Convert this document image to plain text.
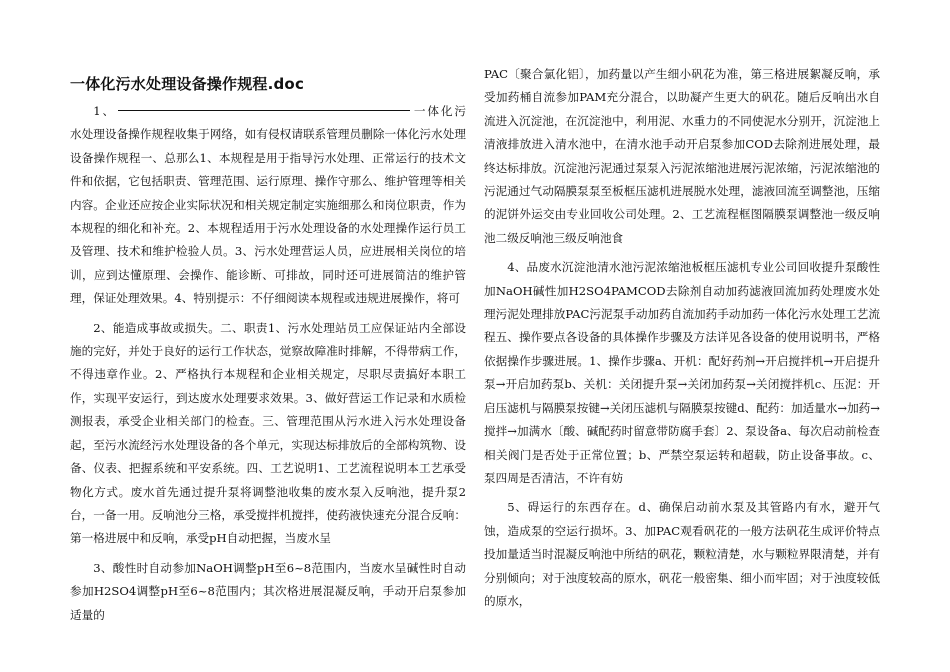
一体化污水处理设备操作规程.doc

1、	一体化污水处理设备操作规程收集于网络，如有侵权请联系管理员删除一体化污水处理设备操作规程一、总那么1、本规程是用于指导污水处理、正常运行的技术文件和依据，它包括职责、管理范围、运行原理、操作守那么、维护管理等相关内容。企业还应按企业实际状况和相关规定制定实施细那么和岗位职责，作为本规程的细化和补充。2、本规程适用于污水处理设备的水处理操作运行员工及管理、技术和维护检验人员。3、污水处理营运人员，应进展相关岗位的培训，应到达懂原理、会操作、能诊断、可排故，同时还可进展简洁的维护管理，保证处理效果。4、特别提示：不仔细阅读本规程或违规进展操作，将可

2、能造成事故或损失。二、职责1、污水处理站员工应保证站内全部设施的完好，并处于良好的运行工作状态，觉察故障准时排解，不得带病工作，不得违章作业。2、严格执行本规程和企业相关规定，尽职尽责搞好本职工作，实现平安运行，到达废水处理要求效果。3、做好营运工作记录和水质检测报表，承受企业相关部门的检查。三、管理范围从污水进入污水处理设备起，至污水流经污水处理设备的各个单元，实现达标排放后的全部构筑物、设备、仪表、把握系统和平安系统。四、工艺说明1、工艺流程说明本工艺承受物化方式。废水首先通过提升泵将调整池收集的废水泵入反响池，提升泵2台，一备一用。反响池分三格，承受搅拌机搅拌，使药液快速充分混合反响：第一格进展中和反响，承受pH自动把握，当废水呈

3、酸性时自动参加NaOH调整pH至6~8范围内，当废水呈碱性时自动参加H2SO4调整pH至6~8范围内；其次格进展混凝反响，手动开启泵参加适量的

PAC〔聚合氯化铝〕，加药量以产生细小矾花为准，第三格进展絮凝反响，承受加药桶自流参加PAM充分混合，以助凝产生更大的矾花。随后反响出水自流进入沉淀池，在沉淀池中，利用泥、水重力的不同使泥水分别开，沉淀池上清液排放进入清水池中，在清水池手动开启泵参加COD去除剂进展处理，最终达标排放。沉淀池污泥通过泵泵入污泥浓缩池进展污泥浓缩，污泥浓缩池的污泥通过气动隔膜泵泵至板框压滤机进展脱水处理，滤液回流至调整池，压缩的泥饼外运交由专业回收公司处理。2、工艺流程框图隔膜泵调整池一级反响池二级反响池三级反响池食

4、品废水沉淀池清水池污泥浓缩池板框压滤机专业公司回收提升泵酸性加NaOH碱性加H2SO4PAMCOD去除剂自动加药滤液回流加药处理废水处理污泥处理排放PAC污泥泵手动加药自流加药手动加药一体化污水处理工艺流程五、操作要点各设备的具体操作步骤及方法详见各设备的使用说明书，严格依据操作步骤进展。1、操作步骤a、开机：配好药剂→开启搅拌机→开启提升泵→开启加药泵b、关机：关闭提升泵→关闭加药泵→关闭搅拌机c、压泥：开启压滤机与隔膜泵按键→关闭压滤机与隔膜泵按键d、配药：加适量水→加药→搅拌→加满水〔酸、碱配药时留意带防腐手套〕2、泵设备a、每次启动前检查相关阀门是否处于正常位置；b、严禁空泵运转和超载，防止设备事故。c、泵四周是否清洁，不许有妨

5、碍运行的东西存在。d、确保启动前水泵及其管路内有水，避开气蚀，造成泵的空运行损坏。3、加PAC观看矾花的一般方法矾花生成评价特点投加量适当时混凝反响池中所结的矾花，颗粒清楚，水与颗粒界限清楚，并有分别倾向；对于浊度较高的原水，矾花一般密集、细小而牢固；对于浊度较低的原水，
